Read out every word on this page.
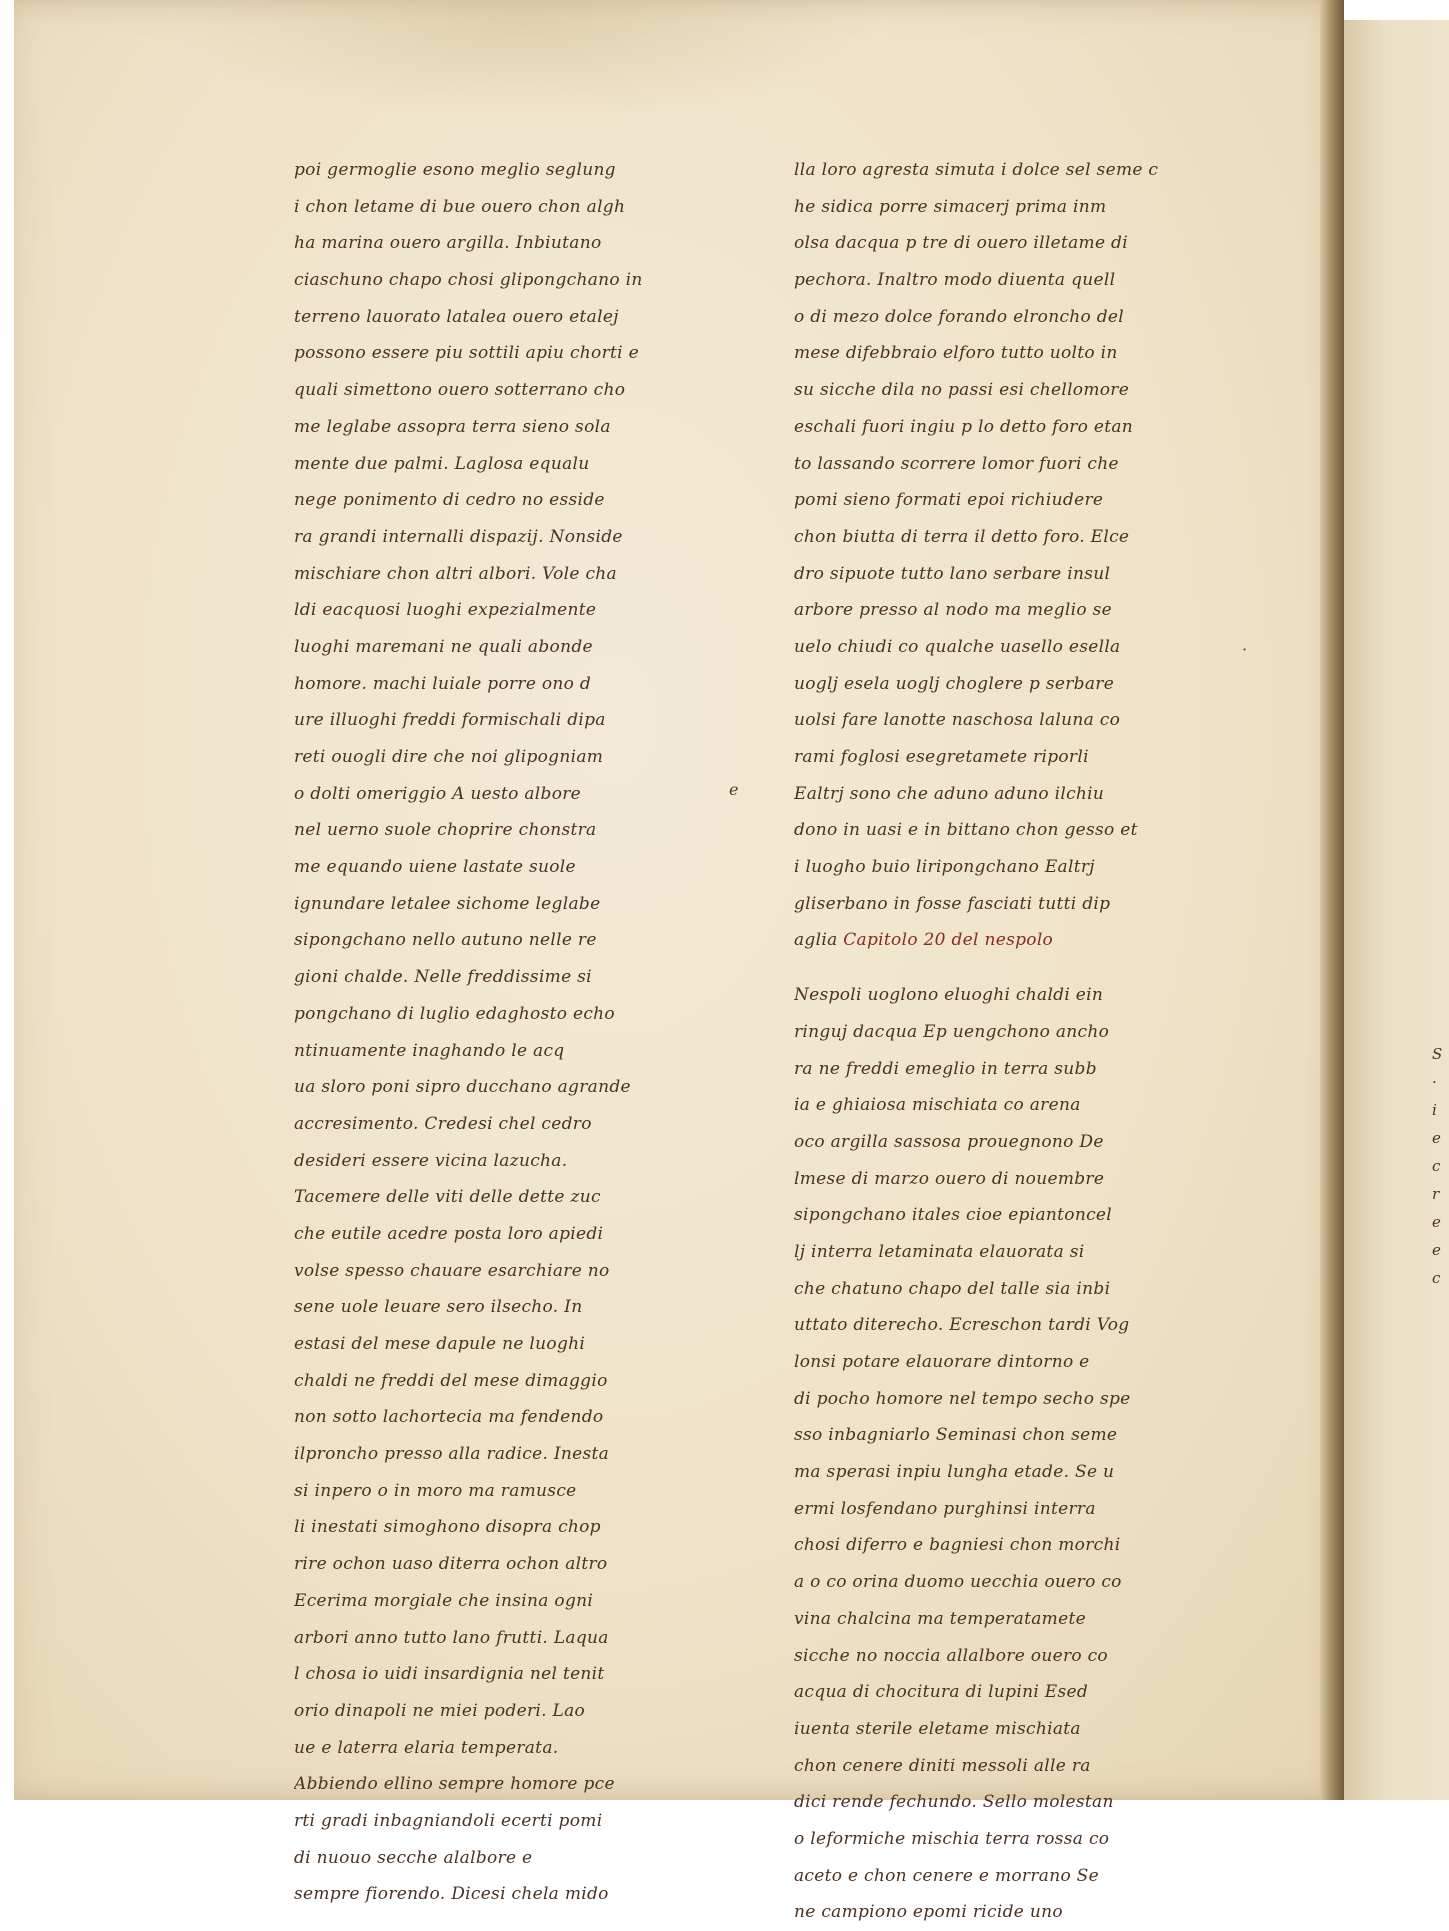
poi germoglie esono meglio seglung
i chon letame di bue ouero chon algh
ha marina ouero argilla. Inbiutano
ciaschuno chapo chosi glipongchano in
terreno lauorato latalea ouero etalej
possono essere piu sottili apiu chorti e
quali simettono ouero sotterrano cho
me leglabe assopra terra sieno sola
mente due palmi. Laglosa equalu
nege ponimento di cedro no esside
ra grandi internalli dispazij. Nonside
mischiare chon altri albori. Vole cha
ldi eacquosi luoghi expezialmente
luoghi maremani ne quali abonde
homore. machi luiale porre ono d
ure illuoghi freddi formischali dipa
reti ouogli dire che noi glipogniam
o dolti omeriggio A uesto albore
nel uerno suole choprire chonstra
me equando uiene lastate suole
ignundare letalee sichome leglabe
sipongchano nello autuno nelle re
gioni chalde. Nelle freddissime si
pongchano di luglio edaghosto echo
ntinuamente inaghando le acq
ua sloro poni sipro ducchano agrande
accresimento. Credesi chel cedro
desideri essere vicina lazucha.
Tacemere delle viti delle dette zuc
che eutile acedre posta loro apiedi
volse spesso chauare esarchiare no
sene uole leuare sero ilsecho. In
estasi del mese dapule ne luoghi
chaldi ne freddi del mese dimaggio
non sotto lachortecia ma fendendo
ilproncho presso alla radice. Inesta
si inpero o in moro ma ramusce
li inestati simoghono disopra chop
rire ochon uaso diterra ochon altro
Ecerima morgiale che insina ogni
arbori anno tutto lano frutti. Laqua
l chosa io uidi insardignia nel tenit
orio dinapoli ne miei poderi. Lao
ue e laterra elaria temperata.
Abbiendo ellino sempre homore pce
rti gradi inbagniandoli ecerti pomi
di nuouo secche alalbore e
sempre fiorendo. Dicesi chela mido
lla loro agresta simuta i dolce sel seme c
he sidica porre simacerj prima inm
olsa dacqua p tre di ouero illetame di
pechora. Inaltro modo diuenta quell
o di mezo dolce forando elroncho del
mese difebbraio elforo tutto uolto in
su sicche dila no passi esi chellomore
eschali fuori ingiu p lo detto foro etan
to lassando scorrere lomor fuori che
pomi sieno formati epoi richiudere
chon biutta di terra il detto foro. Elce
dro sipuote tutto lano serbare insul
arbore presso al nodo ma meglio se
uelo chiudi co qualche uasello esella
uoglj esela uoglj choglere p serbare
uolsi fare lanotte naschosa laluna co
rami foglosi esegretamete riporli
Ealtrj sono che aduno aduno ilchiu
dono in uasi e in bittano chon gesso et
i luogho buio liripongchano Ealtrj
gliserbano in fosse fasciati tutti dip
aglia Capitolo 20 del nespolo
Nespoli uoglono eluoghi chaldi ein
ringuj dacqua Ep uengchono ancho
ra ne freddi emeglio in terra subb
ia e ghiaiosa mischiata co arena
oco argilla sassosa prouegnono De
lmese di marzo ouero di nouembre
sipongchano itales cioe epiantoncel
lj interra letaminata elauorata si
che chatuno chapo del talle sia inbi
uttato diterecho. Ecreschon tardi Vog
lonsi potare elauorare dintorno e
di pocho homore nel tempo secho spe
sso inbagniarlo Seminasi chon seme
ma sperasi inpiu lungha etade. Se u
ermi losfendano purghinsi interra
chosi diferro e bagniesi chon morchi
a o co orina duomo uecchia ouero co
vina chalcina ma temperatamete
sicche no noccia allalbore ouero co
acqua di chocitura di lupini Esed
iuenta sterile eletame mischiata
chon cenere diniti messoli alle ra
dici rende fechundo. Sello molestan
o leformiche mischia terra rossa co
aceto e chon cenere e morrano Se
ne campiono epomi ricide uno
e
·
S
·
i
e
c
r
e
e
c
